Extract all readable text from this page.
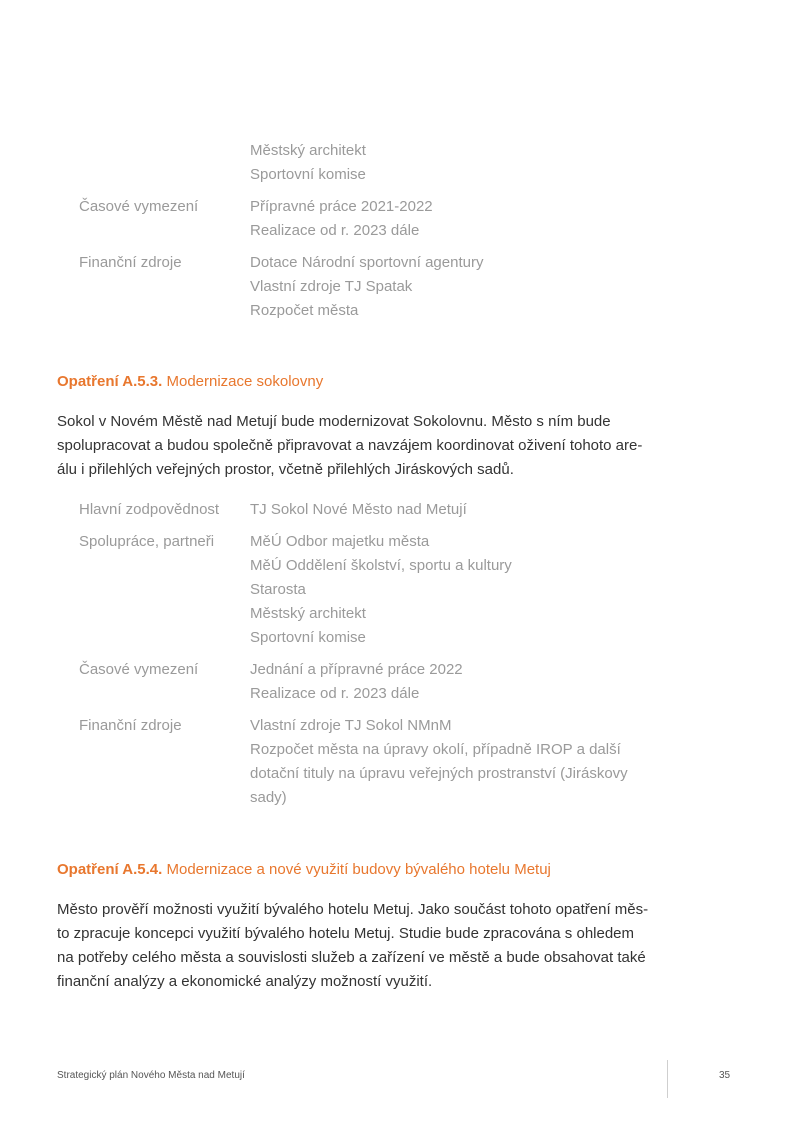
Městský architekt
Sportovní komise
Časové vymezení	Přípravné práce 2021-2022
Realizace od r. 2023 dále
Finanční zdroje	Dotace Národní sportovní agentury
Vlastní zdroje TJ Spatak
Rozpočet města
Opatření A.5.3. Modernizace sokolovny
Sokol v Novém Městě nad Metují bude modernizovat Sokolovnu. Město s ním bude
spolupracovat a budou společně připravovat a navzájem koordinovat oživení tohoto are-
álu i přilehlých veřejných prostor, včetně přilehlých Jiráskových sadů.
Hlavní zodpovědnost	TJ Sokol Nové Město nad Metují
Spolupráce, partneři	MěÚ Odbor majetku města
MěÚ Oddělení školství, sportu a kultury
Starosta
Městský architekt
Sportovní komise
Časové vymezení	Jednání a přípravné práce 2022
Realizace od r. 2023 dále
Finanční zdroje	Vlastní zdroje TJ Sokol NMnM
Rozpočet města na úpravy okolí, případně IROP a další
dotační tituly na úpravu veřejných prostranství (Jiráskovy
sady)
Opatření A.5.4. Modernizace a nové využití budovy bývalého hotelu Metuj
Město prověří možnosti využití bývalého hotelu Metuj. Jako součást tohoto opatření měs-
to zpracuje koncepci využití bývalého hotelu Metuj. Studie bude zpracována s ohledem
na potřeby celého města a souvislosti služeb a zařízení ve městě a bude obsahovat také
finanční analýzy a ekonomické analýzy možností využití.
Strategický plán Nového Města nad Metují	35
